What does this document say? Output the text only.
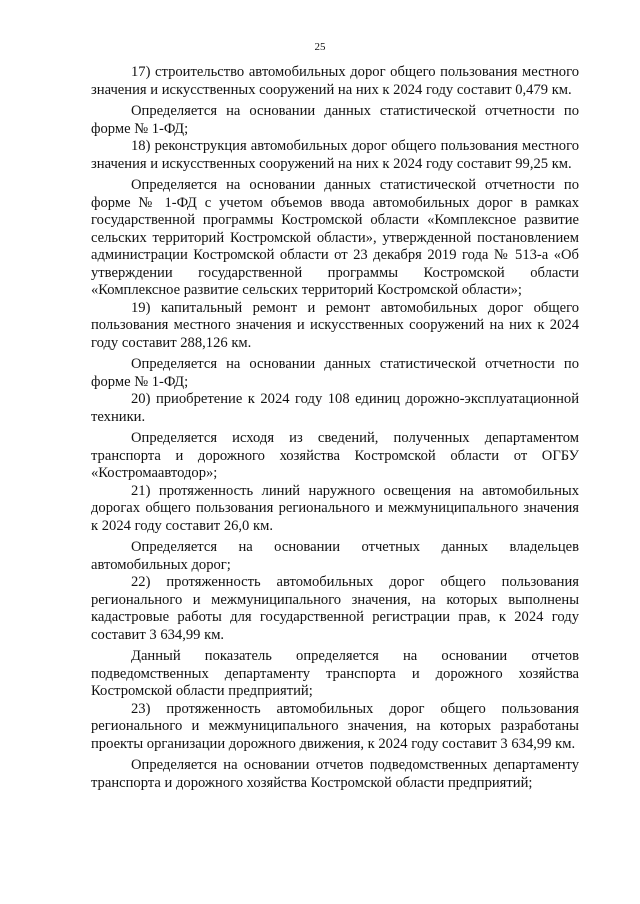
25

17) строительство автомобильных дорог общего пользования местного значения и искусственных сооружений на них к 2024 году составит 0,479 км.

Определяется на основании данных статистической отчетности по форме № 1-ФД;

18) реконструкция автомобильных дорог общего пользования местного значения и искусственных сооружений на них к 2024 году составит 99,25 км.

Определяется на основании данных статистической отчетности по форме № 1-ФД с учетом объемов ввода автомобильных дорог в рамках государственной программы Костромской области «Комплексное развитие сельских территорий Костромской области», утвержденной постановлением администрации Костромской области от 23 декабря 2019 года № 513-а «Об утверждении государственной программы Костромской области «Комплексное развитие сельских территорий Костромской области»;

19) капитальный ремонт и ремонт автомобильных дорог общего пользования местного значения и искусственных сооружений на них к 2024 году составит 288,126 км.

Определяется на основании данных статистической отчетности по форме № 1-ФД;

20) приобретение к 2024 году 108 единиц дорожно-эксплуатационной техники.

Определяется исходя из сведений, полученных департаментом транспорта и дорожного хозяйства Костромской области от ОГБУ «Костромаавтодор»;

21) протяженность линий наружного освещения на автомобильных дорогах общего пользования регионального и межмуниципального значения к 2024 году составит 26,0 км.

Определяется на основании отчетных данных владельцев автомобильных дорог;

22) протяженность автомобильных дорог общего пользования регионального и межмуниципального значения, на которых выполнены кадастровые работы для государственной регистрации прав, к 2024 году составит 3 634,99 км.

Данный показатель определяется на основании отчетов подведомственных департаменту транспорта и дорожного хозяйства Костромской области предприятий;

23) протяженность автомобильных дорог общего пользования регионального и межмуниципального значения, на которых разработаны проекты организации дорожного движения, к 2024 году составит 3 634,99 км.

Определяется на основании отчетов подведомственных департаменту транспорта и дорожного хозяйства Костромской области предприятий;
